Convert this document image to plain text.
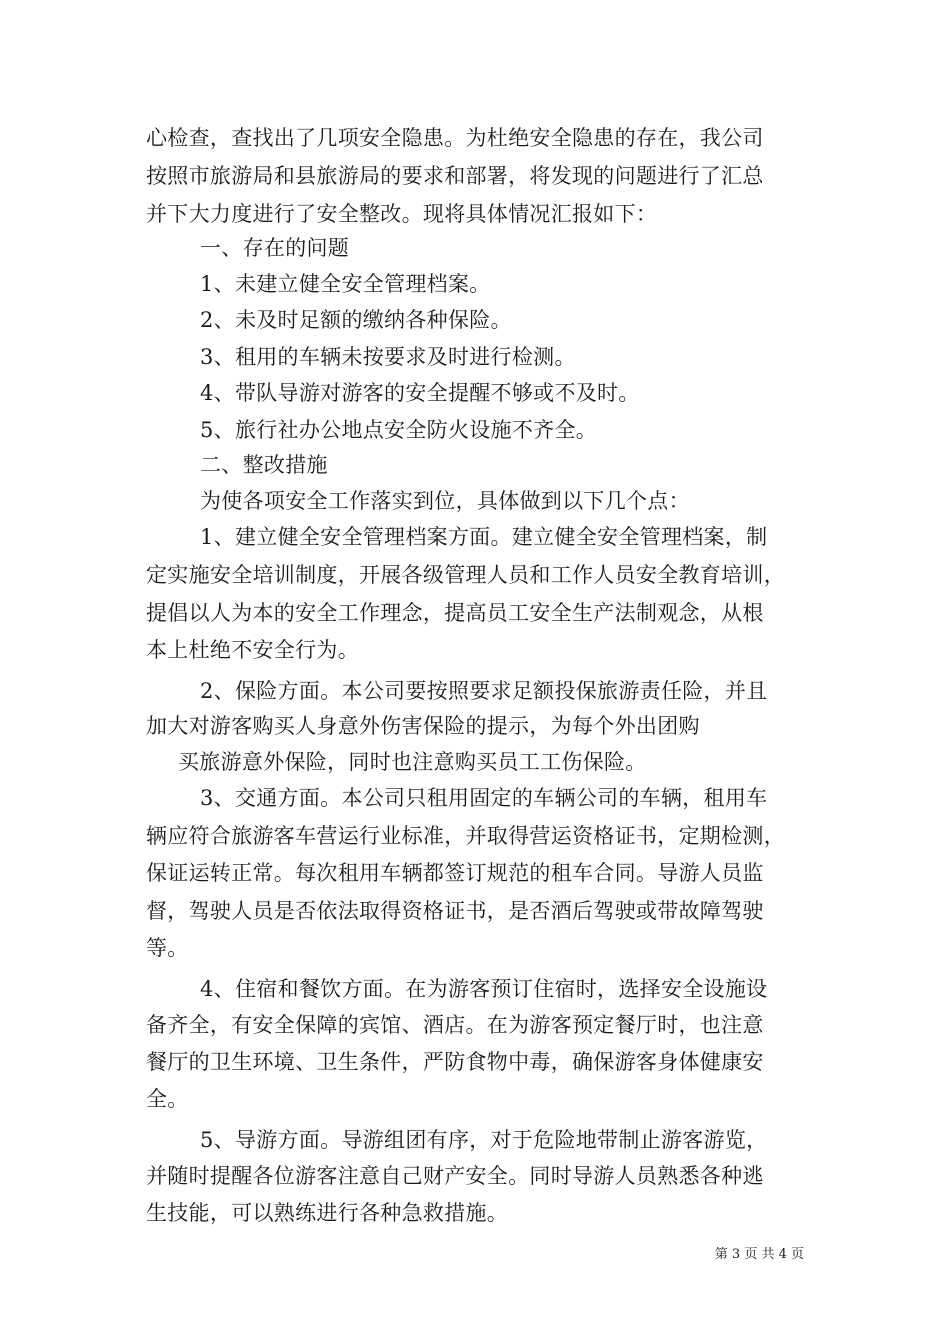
心检查，查找出了几项安全隐患。为杜绝安全隐患的存在，我公司
按照市旅游局和县旅游局的要求和部署，将发现的问题进行了汇总
并下大力度进行了安全整改。现将具体情况汇报如下：
一、存在的问题
1、未建立健全安全管理档案。
2、未及时足额的缴纳各种保险。
3、租用的车辆未按要求及时进行检测。
4、带队导游对游客的安全提醒不够或不及时。
5、旅行社办公地点安全防火设施不齐全。
二、整改措施
为使各项安全工作落实到位，具体做到以下几个点：
1、建立健全安全管理档案方面。建立健全安全管理档案，制
定实施安全培训制度，开展各级管理人员和工作人员安全教育培训，
提倡以人为本的安全工作理念，提高员工安全生产法制观念，从根
本上杜绝不安全行为。
2、保险方面。本公司要按照要求足额投保旅游责任险，并且
加大对游客购买人身意外伤害保险的提示，为每个外出团购
买旅游意外保险，同时也注意购买员工工伤保险。
3、交通方面。本公司只租用固定的车辆公司的车辆，租用车
辆应符合旅游客车营运行业标准，并取得营运资格证书，定期检测，
保证运转正常。每次租用车辆都签订规范的租车合同。导游人员监
督，驾驶人员是否依法取得资格证书，是否酒后驾驶或带故障驾驶
等。
4、住宿和餐饮方面。在为游客预订住宿时，选择安全设施设
备齐全，有安全保障的宾馆、酒店。在为游客预定餐厅时，也注意
餐厅的卫生环境、卫生条件，严防食物中毒，确保游客身体健康安
全。
5、导游方面。导游组团有序，对于危险地带制止游客游览，
并随时提醒各位游客注意自己财产安全。同时导游人员熟悉各种逃
生技能，可以熟练进行各种急救措施。
第 3 页 共 4 页
